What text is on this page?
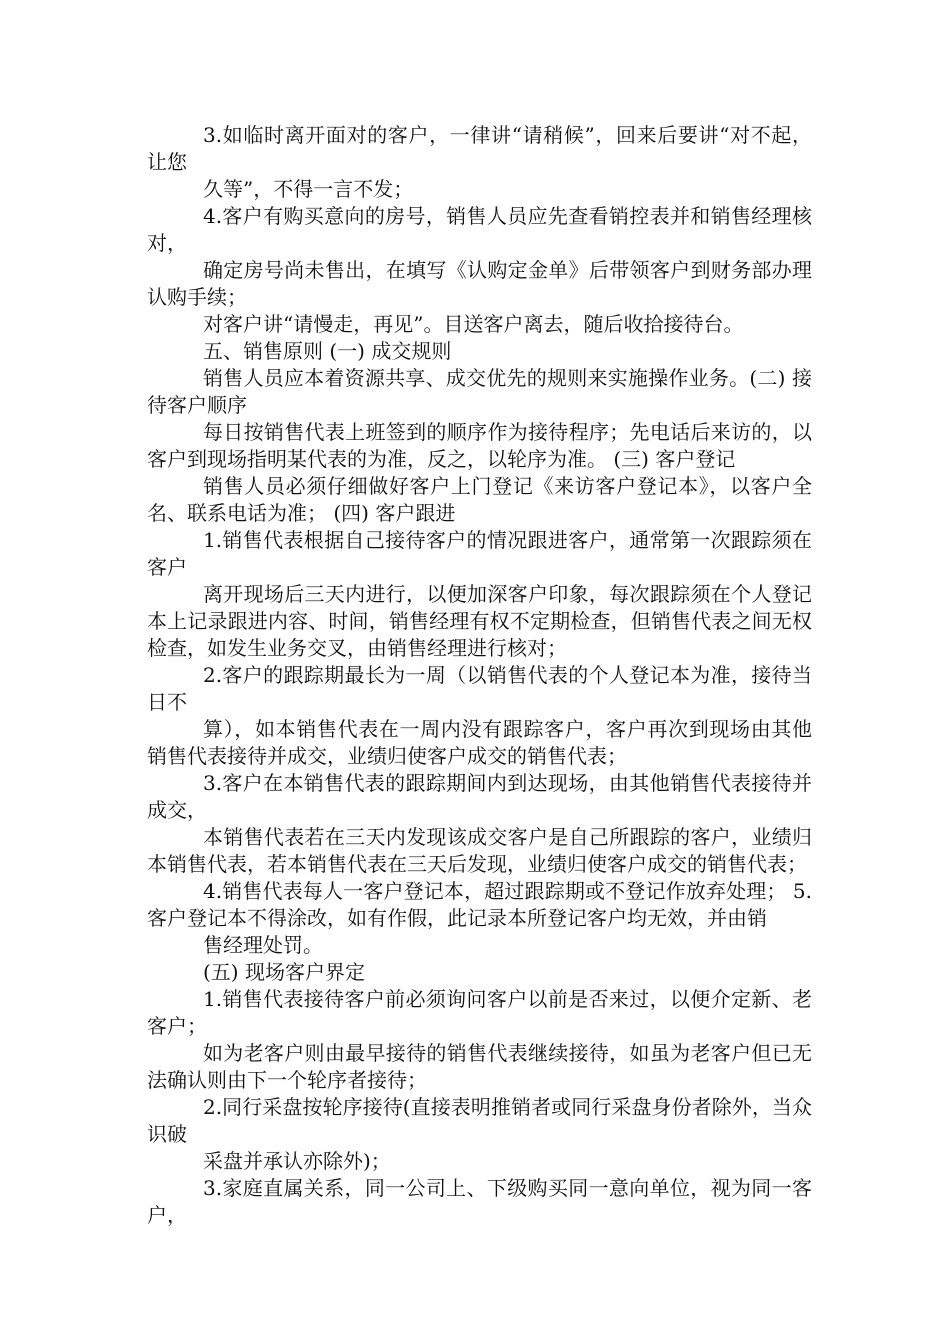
3.如临时离开面对的客户，一律讲“请稍候”，回来后要讲“对不起，让您

久等”，不得一言不发；

4.客户有购买意向的房号，销售人员应先查看销控表并和销售经理核对，

确定房号尚未售出，在填写《认购定金单》后带领客户到财务部办理认购手续；

对客户讲“请慢走，再见”。目送客户离去，随后收拾接待台。

五、销售原则 (一) 成交规则

销售人员应本着资源共享、成交优先的规则来实施操作业务。(二) 接待客户顺序

每日按销售代表上班签到的顺序作为接待程序；先电话后来访的，以客户到现场指明某代表的为准，反之，以轮序为准。 (三) 客户登记

销售人员必须仔细做好客户上门登记《来访客户登记本》，以客户全名、联系电话为准； (四) 客户跟进

1.销售代表根据自己接待客户的情况跟进客户，通常第一次跟踪须在客户

离开现场后三天内进行，以便加深客户印象，每次跟踪须在个人登记本上记录跟进内容、时间，销售经理有权不定期检查，但销售代表之间无权检查，如发生业务交叉，由销售经理进行核对；

2.客户的跟踪期最长为一周（以销售代表的个人登记本为准，接待当日不

算），如本销售代表在一周内没有跟踪客户，客户再次到现场由其他销售代表接待并成交，业绩归使客户成交的销售代表；

3.客户在本销售代表的跟踪期间内到达现场，由其他销售代表接待并成交，

本销售代表若在三天内发现该成交客户是自己所跟踪的客户，业绩归本销售代表，若本销售代表在三天后发现，业绩归使客户成交的销售代表；

4.销售代表每人一客户登记本，超过跟踪期或不登记作放弃处理； 5.客户登记本不得涂改，如有作假，此记录本所登记客户均无效，并由销

售经理处罚。

(五) 现场客户界定

1.销售代表接待客户前必须询问客户以前是否来过，以便介定新、老客户；

如为老客户则由最早接待的销售代表继续接待，如虽为老客户但已无法确认则由下一个轮序者接待；

2.同行采盘按轮序接待(直接表明推销者或同行采盘身份者除外，当众识破

采盘并承认亦除外)；

3.家庭直属关系，同一公司上、下级购买同一意向单位，视为同一客户，
